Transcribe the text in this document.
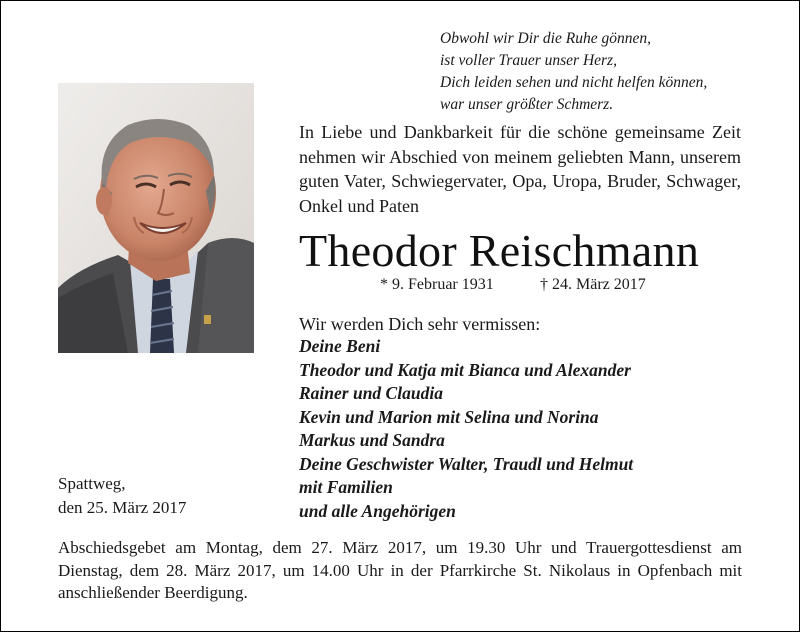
Obwohl wir Dir die Ruhe gönnen,
ist voller Trauer unser Herz,
Dich leiden sehen und nicht helfen können,
war unser größter Schmerz.
In Liebe und Dankbarkeit für die schöne gemeinsame Zeit nehmen wir Abschied von meinem geliebten Mann, unserem guten Vater, Schwiegervater, Opa, Uropa, Bruder, Schwager, Onkel und Paten
Theodor Reischmann
* 9. Februar 1931	† 24. März 2017
Wir werden Dich sehr vermissen:
Deine Beni
Theodor und Katja mit Bianca und Alexander
Rainer und Claudia
Kevin und Marion mit Selina und Norina
Markus und Sandra
Deine Geschwister Walter, Traudl und Helmut
mit Familien
und alle Angehörigen
Spattweg,
den 25. März 2017
Abschiedsgebet am Montag, dem 27. März 2017, um 19.30 Uhr und Trauergottesdienst am Dienstag, dem 28. März 2017, um 14.00 Uhr in der Pfarrkirche St. Nikolaus in Opfenbach mit anschließender Beerdigung.
